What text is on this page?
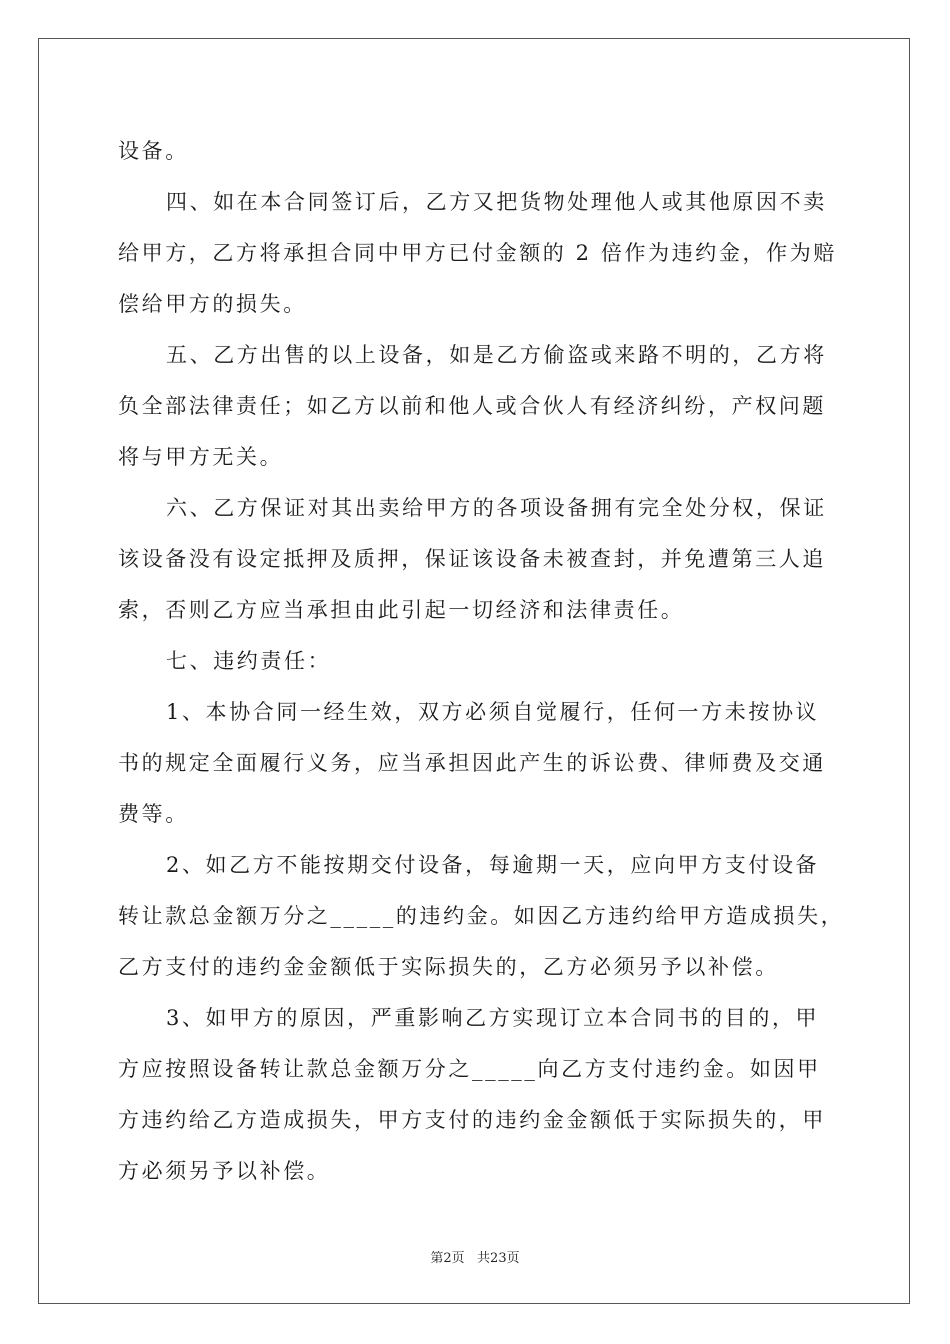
设备。
四、如在本合同签订后，乙方又把货物处理他人或其他原因不卖
给甲方，乙方将承担合同中甲方已付金额的 2 倍作为违约金，作为赔
偿给甲方的损失。
五、乙方出售的以上设备，如是乙方偷盗或来路不明的，乙方将
负全部法律责任；如乙方以前和他人或合伙人有经济纠纷，产权问题
将与甲方无关。
六、乙方保证对其出卖给甲方的各项设备拥有完全处分权，保证
该设备没有设定抵押及质押，保证该设备未被查封，并免遭第三人追
索，否则乙方应当承担由此引起一切经济和法律责任。
七、违约责任：
1、本协合同一经生效，双方必须自觉履行，任何一方未按协议
书的规定全面履行义务，应当承担因此产生的诉讼费、律师费及交通
费等。
2、如乙方不能按期交付设备，每逾期一天，应向甲方支付设备
转让款总金额万分之_____的违约金。如因乙方违约给甲方造成损失，
乙方支付的违约金金额低于实际损失的，乙方必须另予以补偿。
3、如甲方的原因，严重影响乙方实现订立本合同书的目的，甲
方应按照设备转让款总金额万分之_____向乙方支付违约金。如因甲
方违约给乙方造成损失，甲方支付的违约金金额低于实际损失的，甲
方必须另予以补偿。
第2页   共23页
